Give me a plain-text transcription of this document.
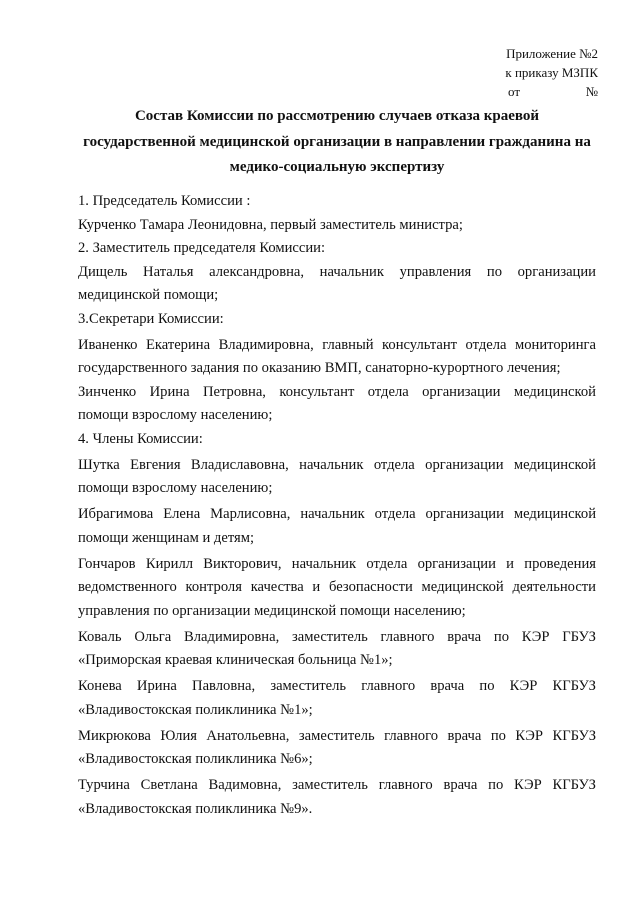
Приложение №2
к приказу МЗПК
от	№
Состав Комиссии по рассмотрению случаев отказа краевой
государственной медицинской организации в направлении гражданина на
медико-социальную экспертизу
1. Председатель Комиссии :
Курченко Тамара Леонидовна, первый заместитель министра;
2. Заместитель председателя Комиссии:
Дищель Наталья александровна, начальник управления по организации
медицинской помощи;
3.Секретари Комиссии:
Иваненко Екатерина Владимировна, главный консультант отдела мониторинга
государственного задания по оказанию ВМП, санаторно-курортного лечения;
Зинченко Ирина Петровна, консультант отдела организации медицинской
помощи взрослому населению;
4. Члены Комиссии:
Шутка Евгения Владиславовна, начальник отдела организации медицинской
помощи взрослому населению;
Ибрагимова Елена Марлисовна, начальник отдела организации медицинской
помощи женщинам и детям;
Гончаров Кирилл Викторович, начальник отдела организации и проведения
ведомственного контроля качества и безопасности медицинской деятельности
управления по организации медицинской помощи населению;
Коваль Ольга Владимировна, заместитель главного врача по КЭР ГБУЗ
«Приморская краевая клиническая больница №1»;
Конева Ирина Павловна, заместитель главного врача по КЭР КГБУЗ
«Владивостокская поликлиника №1»;
Микрюкова Юлия Анатольевна, заместитель главного врача по КЭР КГБУЗ
«Владивостокская поликлиника №6»;
Турчина Светлана Вадимовна, заместитель главного врача по КЭР КГБУЗ
«Владивостокская поликлиника №9».
